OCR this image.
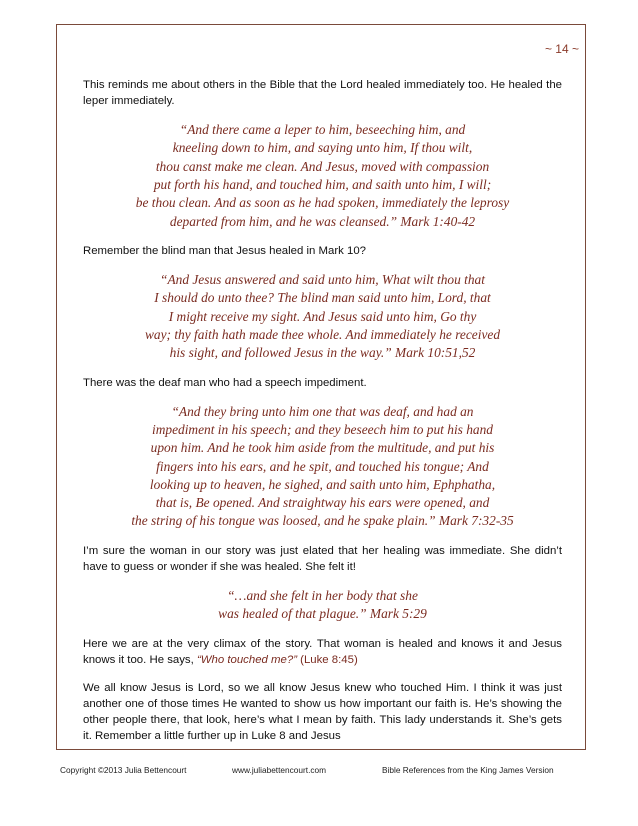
~ 14 ~

This reminds me about others in the Bible that the Lord healed immediately too. He healed the leper immediately.

“And there came a leper to him, beseeching him, and
kneeling down to him, and saying unto him, If thou wilt,
thou canst make me clean. And Jesus, moved with compassion
put forth his hand, and touched him, and saith unto him, I will;
be thou clean. And as soon as he had spoken, immediately the leprosy
departed from him, and he was cleansed.” Mark 1:40-42

Remember the blind man that Jesus healed in Mark 10?

“And Jesus answered and said unto him, What wilt thou that
I should do unto thee? The blind man said unto him, Lord, that
I might receive my sight. And Jesus said unto him, Go thy
way; thy faith hath made thee whole. And immediately he received
his sight, and followed Jesus in the way.” Mark 10:51,52

There was the deaf man who had a speech impediment.

“And they bring unto him one that was deaf, and had an
impediment in his speech; and they beseech him to put his hand
upon him. And he took him aside from the multitude, and put his
fingers into his ears, and he spit, and touched his tongue; And
looking up to heaven, he sighed, and saith unto him, Ephphatha,
that is, Be opened. And straightway his ears were opened, and
the string of his tongue was loosed, and he spake plain.” Mark 7:32-35

I’m sure the woman in our story was just elated that her healing was immediate. She didn’t have to guess or wonder if she was healed. She felt it!

“…and she felt in her body that she
was healed of that plague.” Mark 5:29

Here we are at the very climax of the story. That woman is healed and knows it and Jesus knows it too. He says, “Who touched me?” (Luke 8:45)

We all know Jesus is Lord, so we all know Jesus knew who touched Him. I think it was just another one of those times He wanted to show us how important our faith is. He’s showing the other people there, that look, here’s what I mean by faith. This lady understands it. She’s gets it. Remember a little further up in Luke 8 and Jesus

Copyright ©2013 Julia Bettencourt	www.juliabettencourt.com	Bible References from the King James Version
